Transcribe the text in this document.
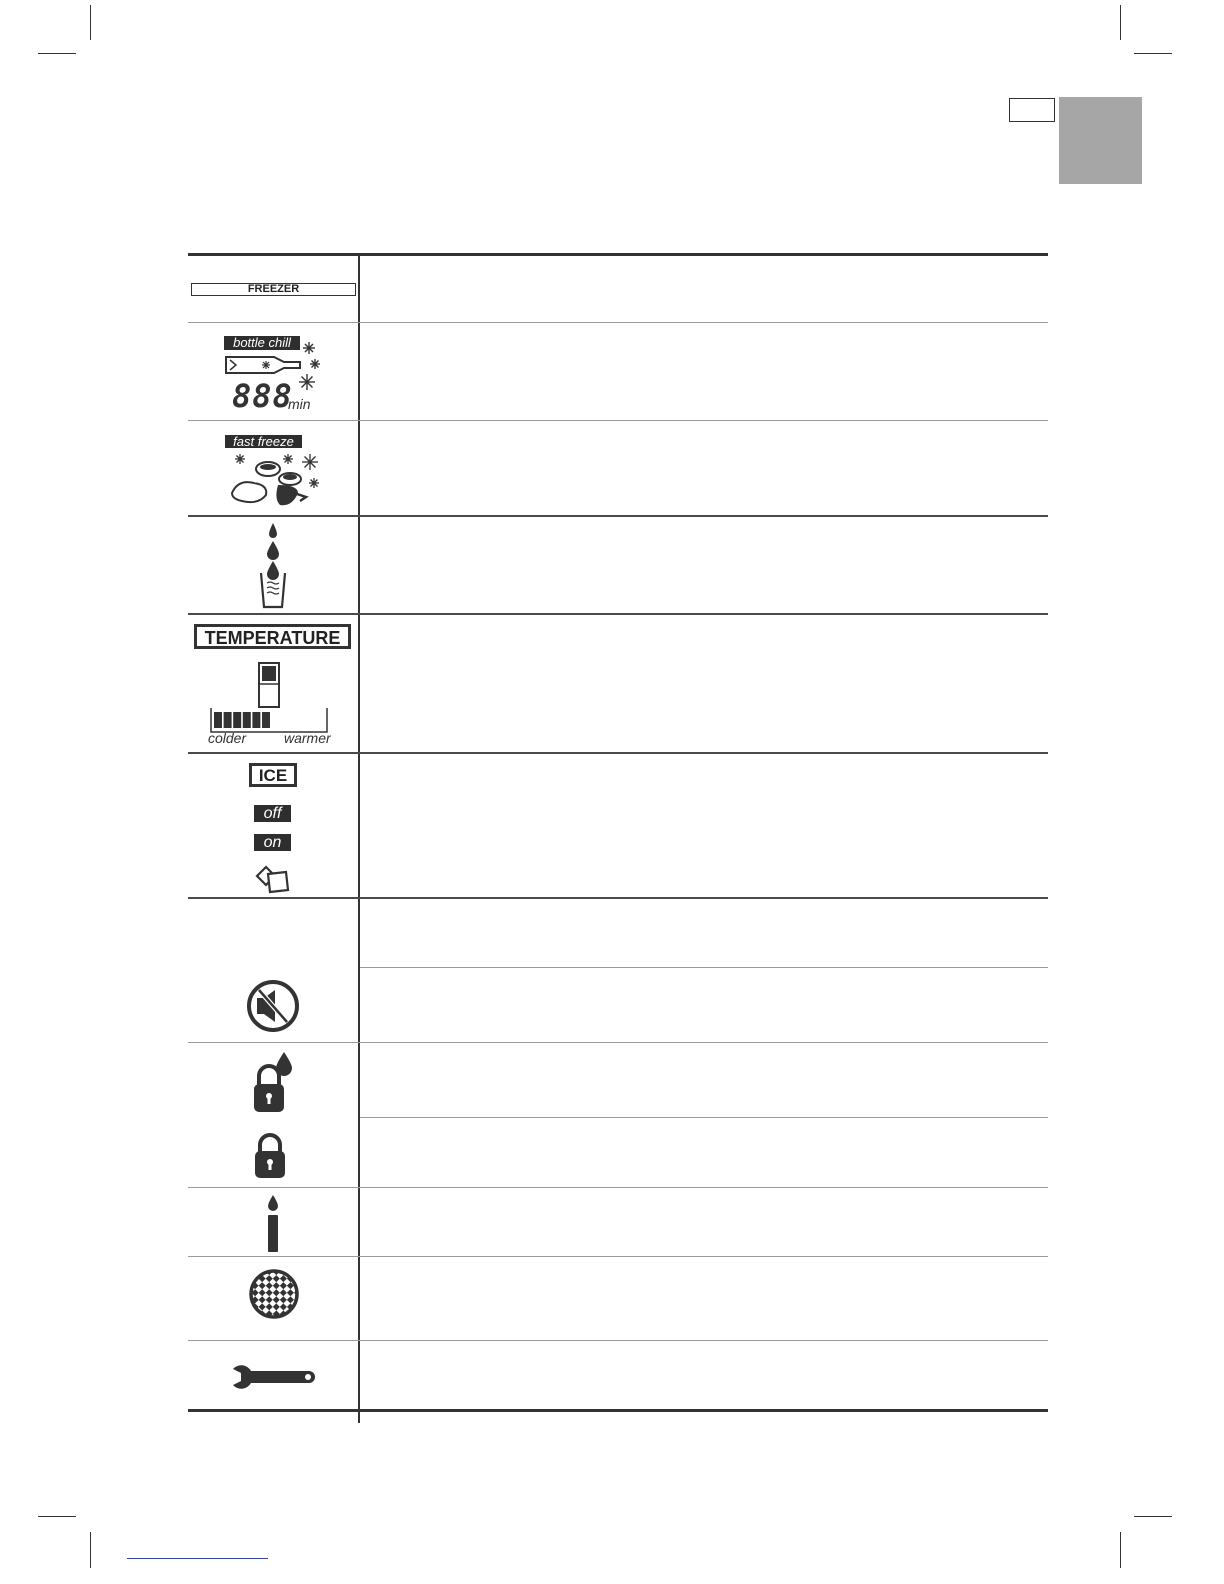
FREEZER
bottle chill
888
min
fast freeze
TEMPERATURE
colder	warmer
ICE
off
on
